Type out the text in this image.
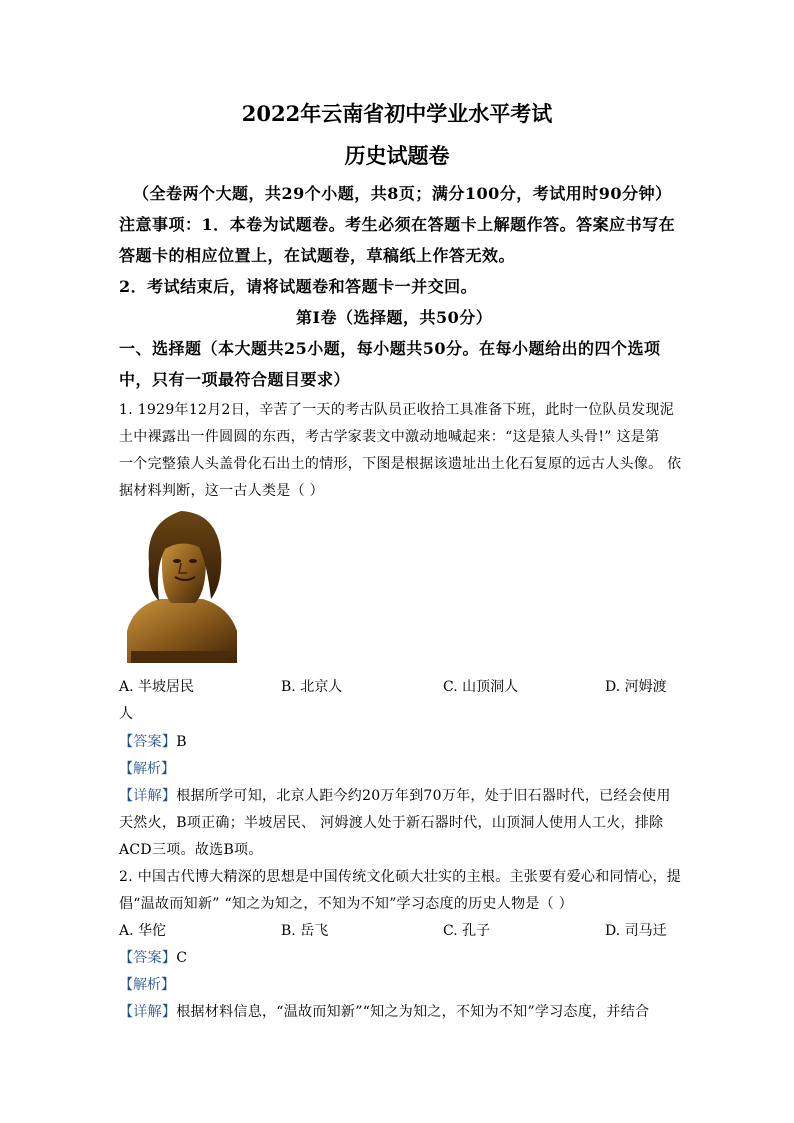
2022年云南省初中学业水平考试
历史试题卷
（全卷两个大题，共29个小题，共8页；满分100分，考试用时90分钟）
注意事项：1．本卷为试题卷。考生必须在答题卡上解题作答。答案应书写在
答题卡的相应位置上，在试题卷，草稿纸上作答无效。
2．考试结束后，请将试题卷和答题卡一并交回。
第Ⅰ卷（选择题，共50分）
一、选择题（本大题共25小题，每小题共50分。在每小题给出的四个选项
中，只有一项最符合题目要求）
1. 1929年12月2日，辛苦了一天的考古队员正收拾工具准备下班，此时一位队员发现泥
土中裸露出一件圆圆的东西，考古学家裴文中激动地喊起来：“这是猿人头骨!” 这是第
一个完整猿人头盖骨化石出土的情形，下图是根据该遗址出土化石复原的远古人头像。 依
据材料判断，这一古人类是（ ）
A. 半坡居民	B. 北京人	C. 山顶洞人	D. 河姆渡
人
【答案】B
【解析】
【详解】根据所学可知，北京人距今约20万年到70万年，处于旧石器时代，已经会使用
天然火，B项正确；半坡居民、 河姆渡人处于新石器时代，山顶洞人使用人工火，排除
ACD三项。故选B项。
2. 中国古代博大精深的思想是中国传统文化硕大壮实的主根。主张要有爱心和同情心，提
倡“温故而知新” “知之为知之，不知为不知”学习态度的历史人物是（ ）
A. 华佗	B. 岳飞	C. 孔子	D. 司马迁
【答案】C
【解析】
【详解】根据材料信息，“温故而知新”“知之为知之，不知为不知”学习态度，并结合
